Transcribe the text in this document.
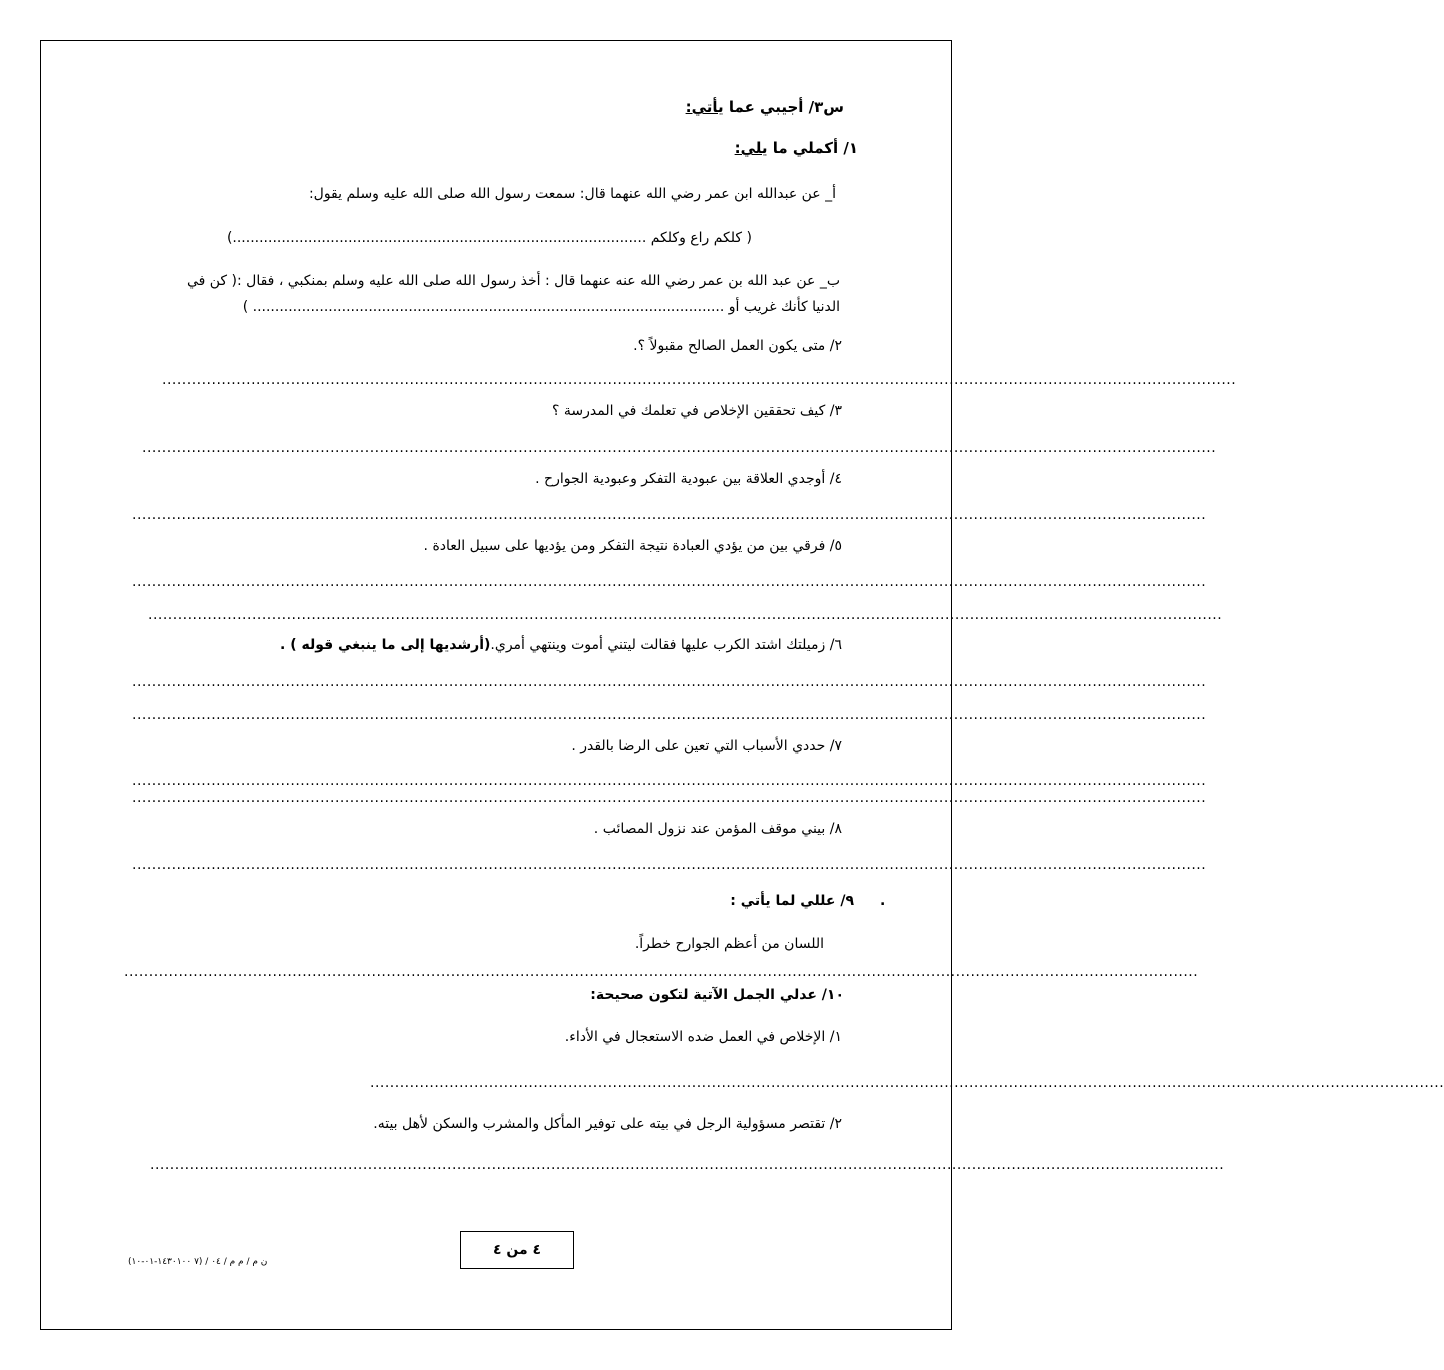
س٣/ أجيبي عما يأتي:
١/ أكملي ما يلي:
أ_ عن عبدالله ابن عمر رضي الله عنهما قال: سمعت رسول الله صلى الله عليه وسلم يقول:
( كلكم راع وكلكم .............................................................................................)
ب_ عن عبد الله بن عمر رضي الله عنه عنهما قال : أخذ رسول الله صلى الله عليه وسلم بمنكبي ، فقال :( كن في
الدنيا كأنك غريب أو .......................................................................................................... )
٢/ متى يكون العمل الصالح مقبولاً ؟.
.........................................................................................................................................................................................................................
٣/ كيف تحققين الإخلاص في تعلمك في المدرسة ؟
.........................................................................................................................................................................................................................
٤/ أوجدي العلاقة بين عبودية التفكر وعبودية الجوارح .
.........................................................................................................................................................................................................................
٥/ فرقي بين من يؤدي العبادة نتيجة التفكر ومن يؤديها على سبيل العادة .
.........................................................................................................................................................................................................................
.........................................................................................................................................................................................................................
٦/ زميلتك اشتد الكرب عليها فقالت ليتني أموت وينتهي أمري.(أرشديها إلى ما ينبغي قوله ) .
.........................................................................................................................................................................................................................
.........................................................................................................................................................................................................................
٧/ حددي الأسباب التي تعين على الرضا بالقدر .
.........................................................................................................................................................................................................................
.........................................................................................................................................................................................................................
٨/ بيني موقف المؤمن عند نزول المصائب .
.........................................................................................................................................................................................................................
٩/ عللي لما يأتي : .
اللسان من أعظم الجوارح خطراً.
.........................................................................................................................................................................................................................
١٠/ عدلي الجمل الآتية لتكون صحيحة:
١/ الإخلاص في العمل ضده الاستعجال في الأداء.
.........................................................................................................................................................................................................................
٢/ تقتصر مسؤولية الرجل في بيته على توفير المأكل والمشرب والسكن لأهل بيته.
.........................................................................................................................................................................................................................
٤ من ٤
ن م / م م / ٠٤ / (٧ ١٤٣٠١٠٠-٠١-١٠)
